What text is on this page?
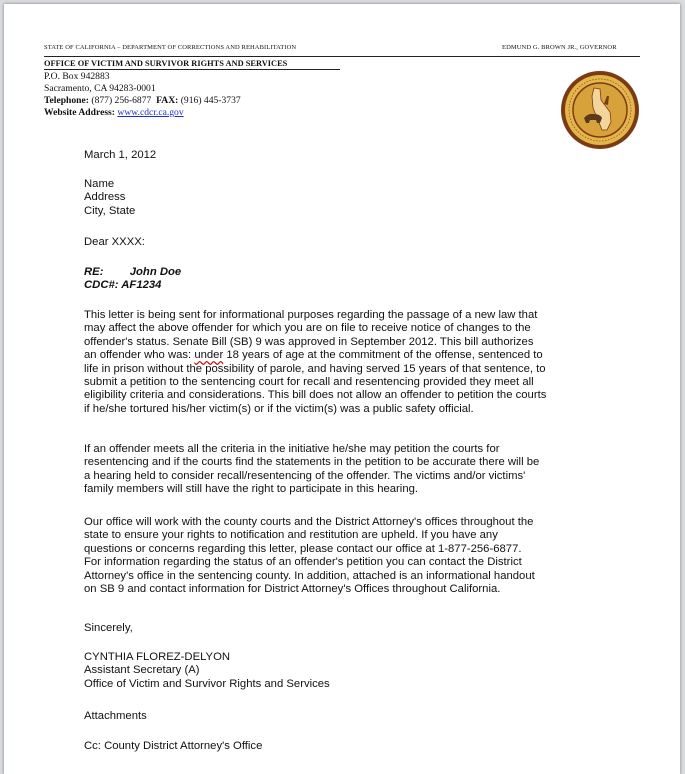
STATE OF CALIFORNIA – DEPARTMENT OF CORRECTIONS AND REHABILITATION	EDMUND G. BROWN JR., GOVERNOR
OFFICE OF VICTIM AND SURVIVOR RIGHTS AND SERVICES
P.O. Box 942883
Sacramento, CA 94283-0001
Telephone: (877) 256-6877 FAX: (916) 445-3737
Website Address: www.cdcr.ca.gov
March 1, 2012
Name
Address
City, State
Dear XXXX:
RE: John Doe
CDC#: AF1234
This letter is being sent for informational purposes regarding the passage of a new law that
may affect the above offender for which you are on file to receive notice of changes to the
offender's status. Senate Bill (SB) 9 was approved in September 2012. This bill authorizes
an offender who was: under 18 years of age at the commitment of the offense, sentenced to
life in prison without the possibility of parole, and having served 15 years of that sentence, to
submit a petition to the sentencing court for recall and resentencing provided they meet all
eligibility criteria and considerations. This bill does not allow an offender to petition the courts
if he/she tortured his/her victim(s) or if the victim(s) was a public safety official.
If an offender meets all the criteria in the initiative he/she may petition the courts for
resentencing and if the courts find the statements in the petition to be accurate there will be
a hearing held to consider recall/resentencing of the offender. The victims and/or victims'
family members will still have the right to participate in this hearing.
Our office will work with the county courts and the District Attorney's offices throughout the
state to ensure your rights to notification and restitution are upheld. If you have any
questions or concerns regarding this letter, please contact our office at 1-877-256-6877.
For information regarding the status of an offender's petition you can contact the District
Attorney's office in the sentencing county. In addition, attached is an informational handout
on SB 9 and contact information for District Attorney's Offices throughout California.
Sincerely,
CYNTHIA FLOREZ-DELYON
Assistant Secretary (A)
Office of Victim and Survivor Rights and Services
Attachments
Cc: County District Attorney's Office
